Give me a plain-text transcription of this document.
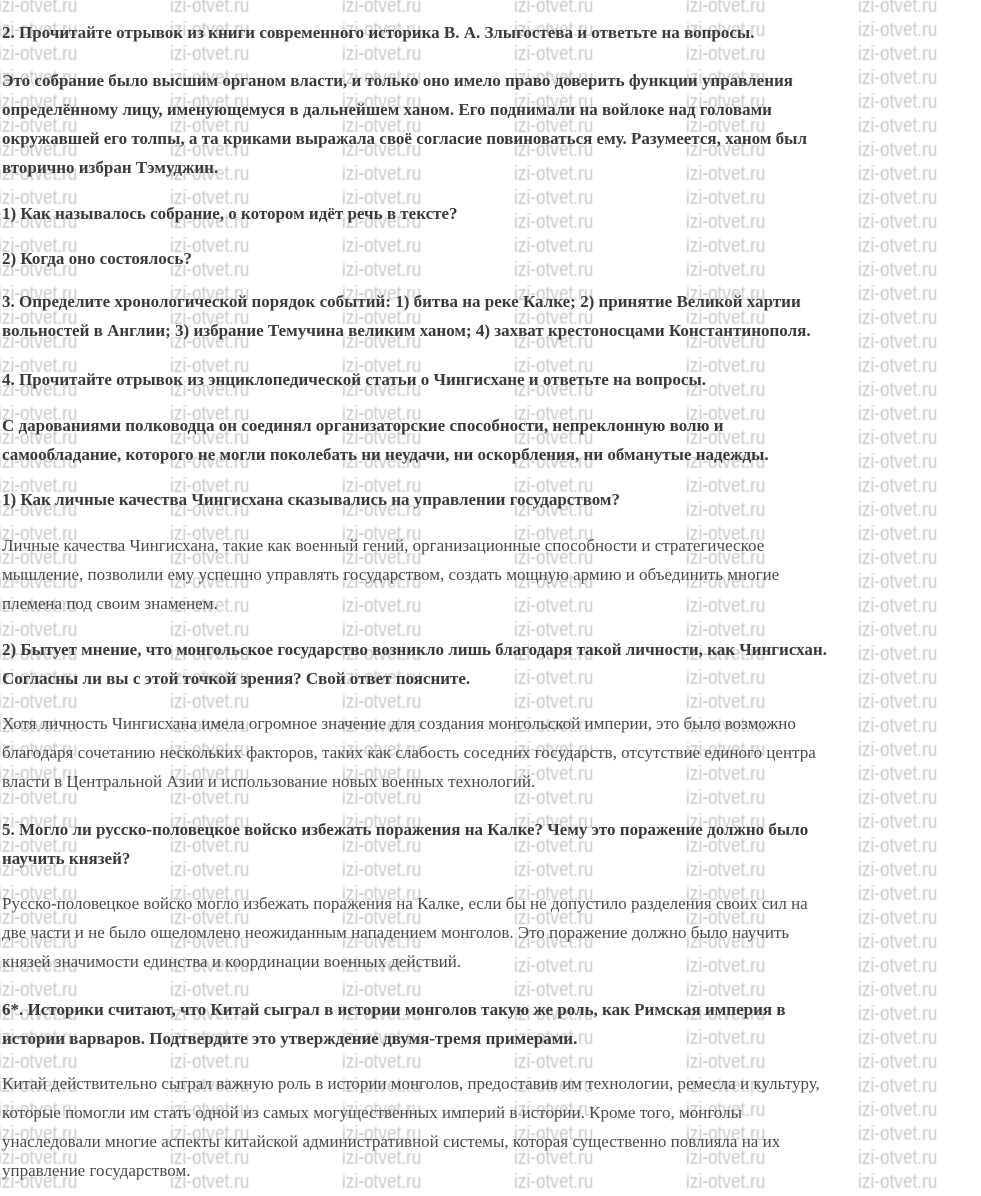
2. Прочитайте отрывок из книги современного историка В. А. Злыгостева и ответьте на вопросы.
Это собрание было высшим органом власти, и только оно имело право доверить функции управления
определённому лицу, именующемуся в дальнейшем ханом. Его поднимали на войлоке над головами
окружавшей его толпы, а та криками выражала своё согласие повиноваться ему. Разумеется, ханом был
вторично избран Тэмуджин.
1) Как называлось собрание, о котором идёт речь в тексте?
2) Когда оно состоялось?
3. Определите хронологической порядок событий: 1) битва на реке Калке; 2) принятие Великой хартии
вольностей в Англии; 3) избрание Темучина великим ханом; 4) захват крестоносцами Константинополя.
4. Прочитайте отрывок из энциклопедической статьи о Чингисхане и ответьте на вопросы.
С дарованиями полководца он соединял организаторские способности, непреклонную волю и
самообладание, которого не могли поколебать ни неудачи, ни оскорбления, ни обманутые надежды.
1) Как личные качества Чингисхана сказывались на управлении государством?
Личные качества Чингисхана, такие как военный гений, организационные способности и стратегическое
мышление, позволили ему успешно управлять государством, создать мощную армию и объединить многие
племена под своим знаменем.
2) Бытует мнение, что монгольское государство возникло лишь благодаря такой личности, как Чингисхан.
Согласны ли вы с этой точкой зрения? Свой ответ поясните.
Хотя личность Чингисхана имела огромное значение для создания монгольской империи, это было возможно
благодаря сочетанию нескольких факторов, таких как слабость соседних государств, отсутствие единого центра
власти в Центральной Азии и использование новых военных технологий.
5. Могло ли русско-половецкое войско избежать поражения на Калке? Чему это поражение должно было
научить князей?
Русско-половецкое войско могло избежать поражения на Калке, если бы не допустило разделения своих сил на
две части и не было ошеломлено неожиданным нападением монголов. Это поражение должно было научить
князей значимости единства и координации военных действий.
6*. Историки считают, что Китай сыграл в истории монголов такую же роль, как Римская империя в
истории варваров. Подтвердите это утверждение двумя-тремя примерами.
Китай действительно сыграл важную роль в истории монголов, предоставив им технологии, ремесла и культуру,
которые помогли им стать одной из самых могущественных империй в истории. Кроме того, монголы
унаследовали многие аспекты китайской административной системы, которая существенно повлияла на их
управление государством.
